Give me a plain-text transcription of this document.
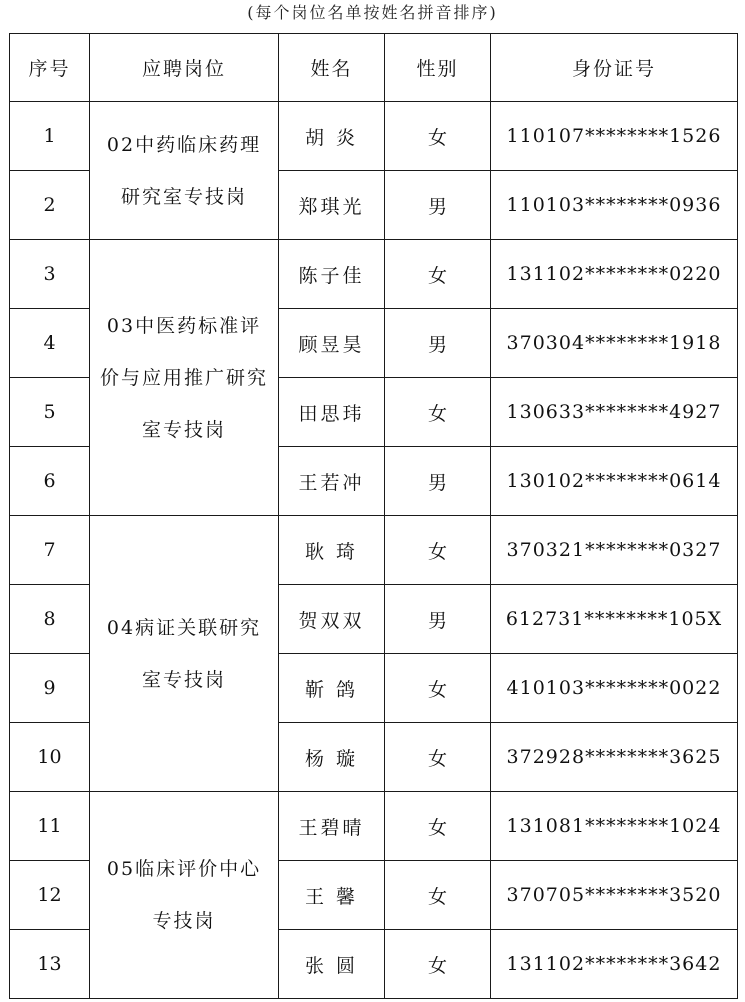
(每个岗位名单按姓名拼音排序)
序号	应聘岗位	姓名	性别	身份证号
1	02中药临床药理研究室专技岗	胡 炎	女	110107********1526
2		郑琪光	男	110103********0936
3	03中医药标准评价与应用推广研究室专技岗	陈子佳	女	131102********0220
4		顾昱昊	男	370304********1918
5		田思玮	女	130633********4927
6		王若冲	男	130102********0614
7	04病证关联研究室专技岗	耿 琦	女	370321********0327
8		贺双双	男	612731********105X
9		靳 鸽	女	410103********0022
10		杨 璇	女	372928********3625
11	05临床评价中心专技岗	王碧晴	女	131081********1024
12		王 馨	女	370705********3520
13		张 圆	女	131102********3642
